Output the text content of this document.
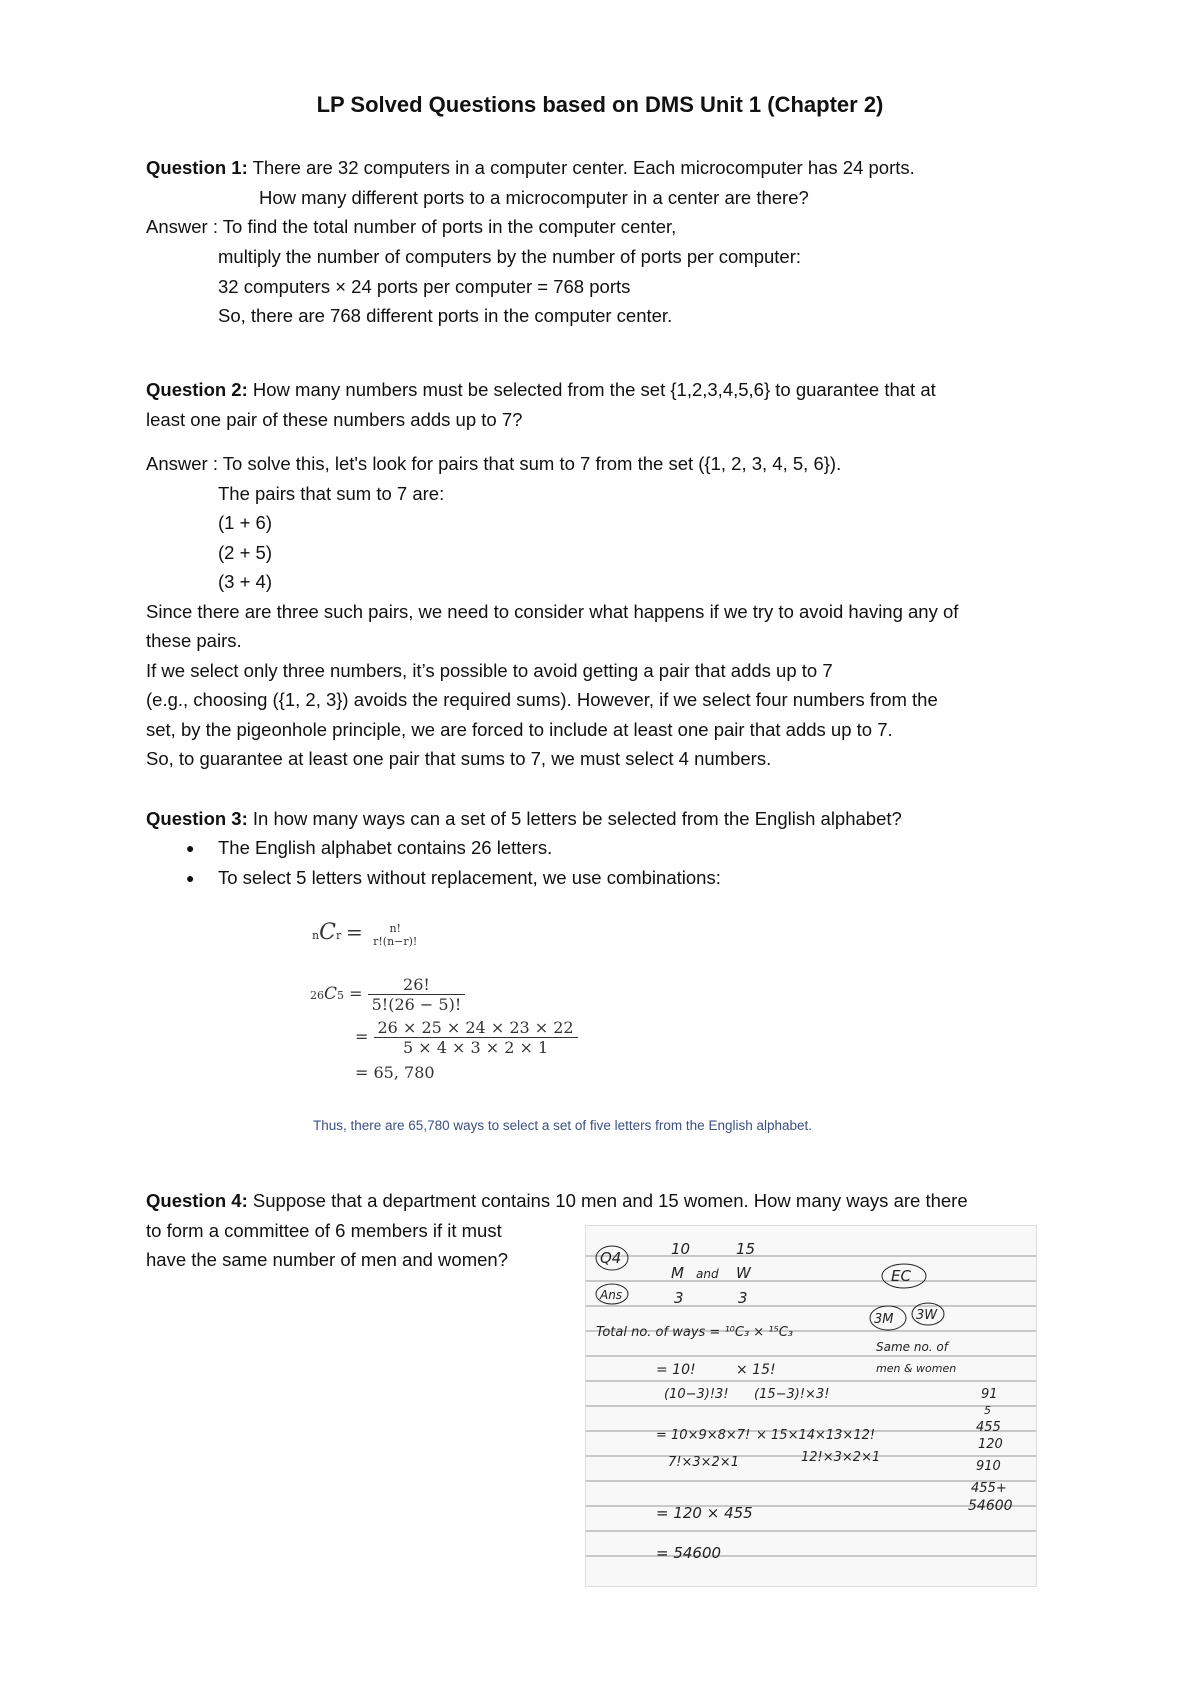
LP Solved Questions based on DMS Unit 1 (Chapter 2)
Question 1: There are 32 computers in a computer center. Each microcomputer has 24 ports.
How many different ports to a microcomputer in a center are there?
Answer : To find the total number of ports in the computer center,
multiply the number of computers by the number of ports per computer:
32 computers × 24 ports per computer = 768 ports
So, there are 768 different ports in the computer center.
Question 2: How many numbers must be selected from the set {1,2,3,4,5,6} to guarantee that at
least one pair of these numbers adds up to 7?
Answer : To solve this, let's look for pairs that sum to 7 from the set ({1, 2, 3, 4, 5, 6}).
The pairs that sum to 7 are:
(1 + 6)
(2 + 5)
(3 + 4)
Since there are three such pairs, we need to consider what happens if we try to avoid having any of
these pairs.
If we select only three numbers, it’s possible to avoid getting a pair that adds up to 7
(e.g., choosing ({1, 2, 3}) avoids the required sums). However, if we select four numbers from the
set, by the pigeonhole principle, we are forced to include at least one pair that adds up to 7.
So, to guarantee at least one pair that sums to 7, we must select 4 numbers.
Question 3: In how many ways can a set of 5 letters be selected from the English alphabet?
● The English alphabet contains 26 letters.
● To select 5 letters without replacement, we use combinations:
nCr =	n!
r!(n−r)!
$26C5 = \frac{26!}{5!(26 - 5)!}$
= $\frac{26 \times 25 \times 24 \times 23 \times 22}{5 \times 4 \times 3 \times 2 \times 1}$
= 65, 780
Thus, there are 65,780 ways to select a set of five letters from the English alphabet.
Question 4: Suppose that a department contains 10 men and 15 women. How many ways are there
to form a committee of 6 members if it must
have the same number of men and women?	Q4
Ans
10	15
M and W
3	3
EC
3M 3W
Total no. of ways = ¹⁰C₃ × ¹⁵C₃
Same no. of
men & women
= 10!	× 15!
(10−3)!3! (15−3)!×3!
= 10×9×8×7! × 15×14×13×12!
7!×3×2×1	12!×3×2×1
= 120 × 455
= 54600
91
5
455
120
910
455+
54600
